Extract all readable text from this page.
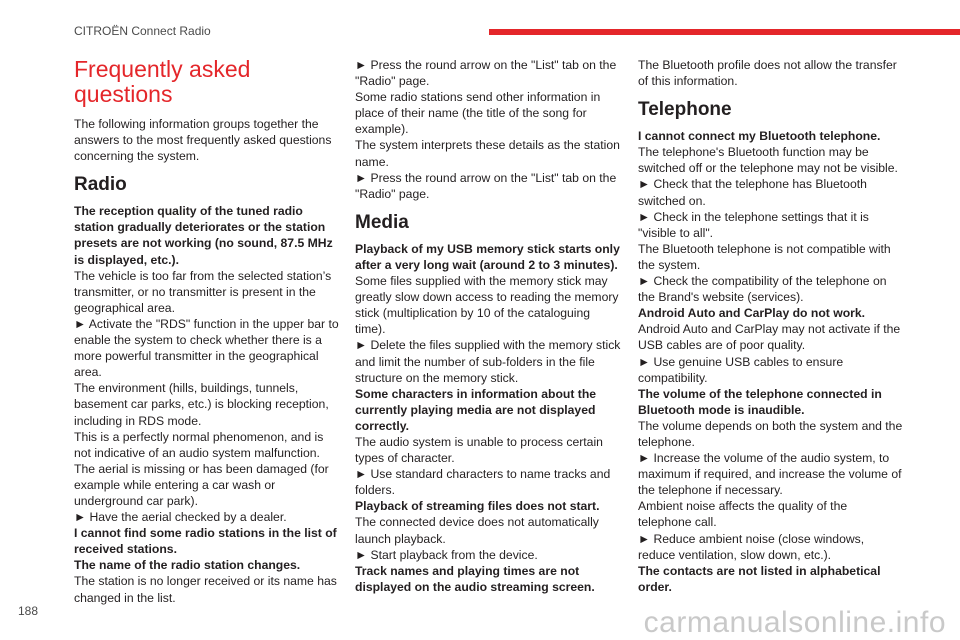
CITROËN Connect Radio
Frequently asked questions

The following information groups together the answers to the most frequently asked questions concerning the system.

Radio

The reception quality of the tuned radio station gradually deteriorates or the station presets are not working (no sound, 87.5 MHz is displayed, etc.).

The vehicle is too far from the selected station’s transmitter, or no transmitter is present in the geographical area.

► Activate the "RDS" function in the upper bar to enable the system to check whether there is a more powerful transmitter in the geographical area.

The environment (hills, buildings, tunnels, basement car parks, etc.) is blocking reception, including in RDS mode.

This is a perfectly normal phenomenon, and is not indicative of an audio system malfunction.

The aerial is missing or has been damaged (for example while entering a car wash or underground car park).

► Have the aerial checked by a dealer.

I cannot find some radio stations in the list of received stations.

The name of the radio station changes.

The station is no longer received or its name has changed in the list.

► Press the round arrow on the "List" tab on the "Radio" page.

Some radio stations send other information in place of their name (the title of the song for example).

The system interprets these details as the station name.

► Press the round arrow on the "List" tab on the "Radio" page.

Media

Playback of my USB memory stick starts only after a very long wait (around 2 to 3 minutes).

Some files supplied with the memory stick may greatly slow down access to reading the memory stick (multiplication by 10 of the cataloguing time).

► Delete the files supplied with the memory stick and limit the number of sub-folders in the file structure on the memory stick.

Some characters in information about the currently playing media are not displayed correctly.

The audio system is unable to process certain types of character.

► Use standard characters to name tracks and folders.

Playback of streaming files does not start.

The connected device does not automatically launch playback.

► Start playback from the device.

Track names and playing times are not displayed on the audio streaming screen.

The Bluetooth profile does not allow the transfer of this information.

Telephone

I cannot connect my Bluetooth telephone.

The telephone's Bluetooth function may be switched off or the telephone may not be visible.

► Check that the telephone has Bluetooth switched on.

► Check in the telephone settings that it is "visible to all".

The Bluetooth telephone is not compatible with the system.

► Check the compatibility of the telephone on the Brand's website (services).

Android Auto and CarPlay do not work.

Android Auto and CarPlay may not activate if the USB cables are of poor quality.

► Use genuine USB cables to ensure compatibility.

The volume of the telephone connected in Bluetooth mode is inaudible.

The volume depends on both the system and the telephone.

► Increase the volume of the audio system, to maximum if required, and increase the volume of the telephone if necessary.

Ambient noise affects the quality of the telephone call.

► Reduce ambient noise (close windows, reduce ventilation, slow down, etc.).

The contacts are not listed in alphabetical order.

188	carmanualsonline.info
